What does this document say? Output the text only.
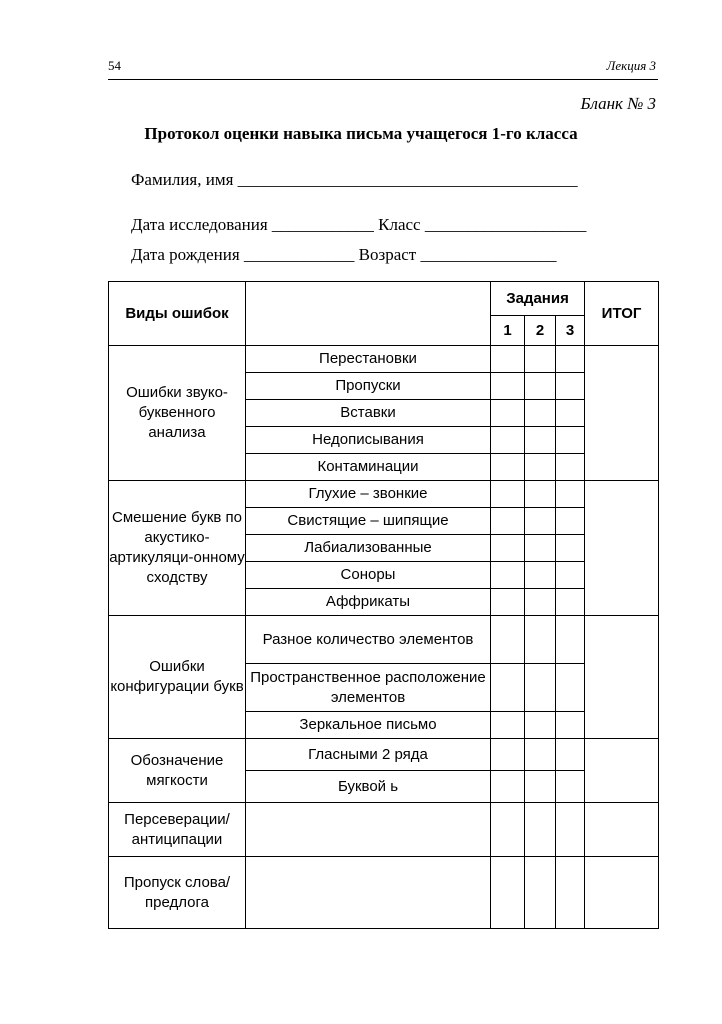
54	Лекция 3
Бланк № 3
Протокол оценки навыка письма учащегося 1-го класса
Фамилия, имя ________________________________________
Дата исследования ____________ Класс ___________________
Дата рождения _____________ Возраст ________________
Виды ошибок		Задания			ИТОГ
		1	2	3	
Ошибки звуко-буквенного анализа	Перестановки				
	Пропуски				
	Вставки				
	Недописывания				
	Контаминации				
Смешение букв по акустико-артикуляци-онному сходству	Глухие – звонкие				
	Свистящие – шипящие				
	Лабиализованные				
	Соноры				
	Аффрикаты				
Ошибки конфигурации букв	Разное количество элементов				
	Пространственное расположение элементов				
	Зеркальное письмо				
Обозначение мягкости	Гласными 2 ряда				
	Буквой ь				
Персеверации/ антиципации					
Пропуск слова/ предлога					
